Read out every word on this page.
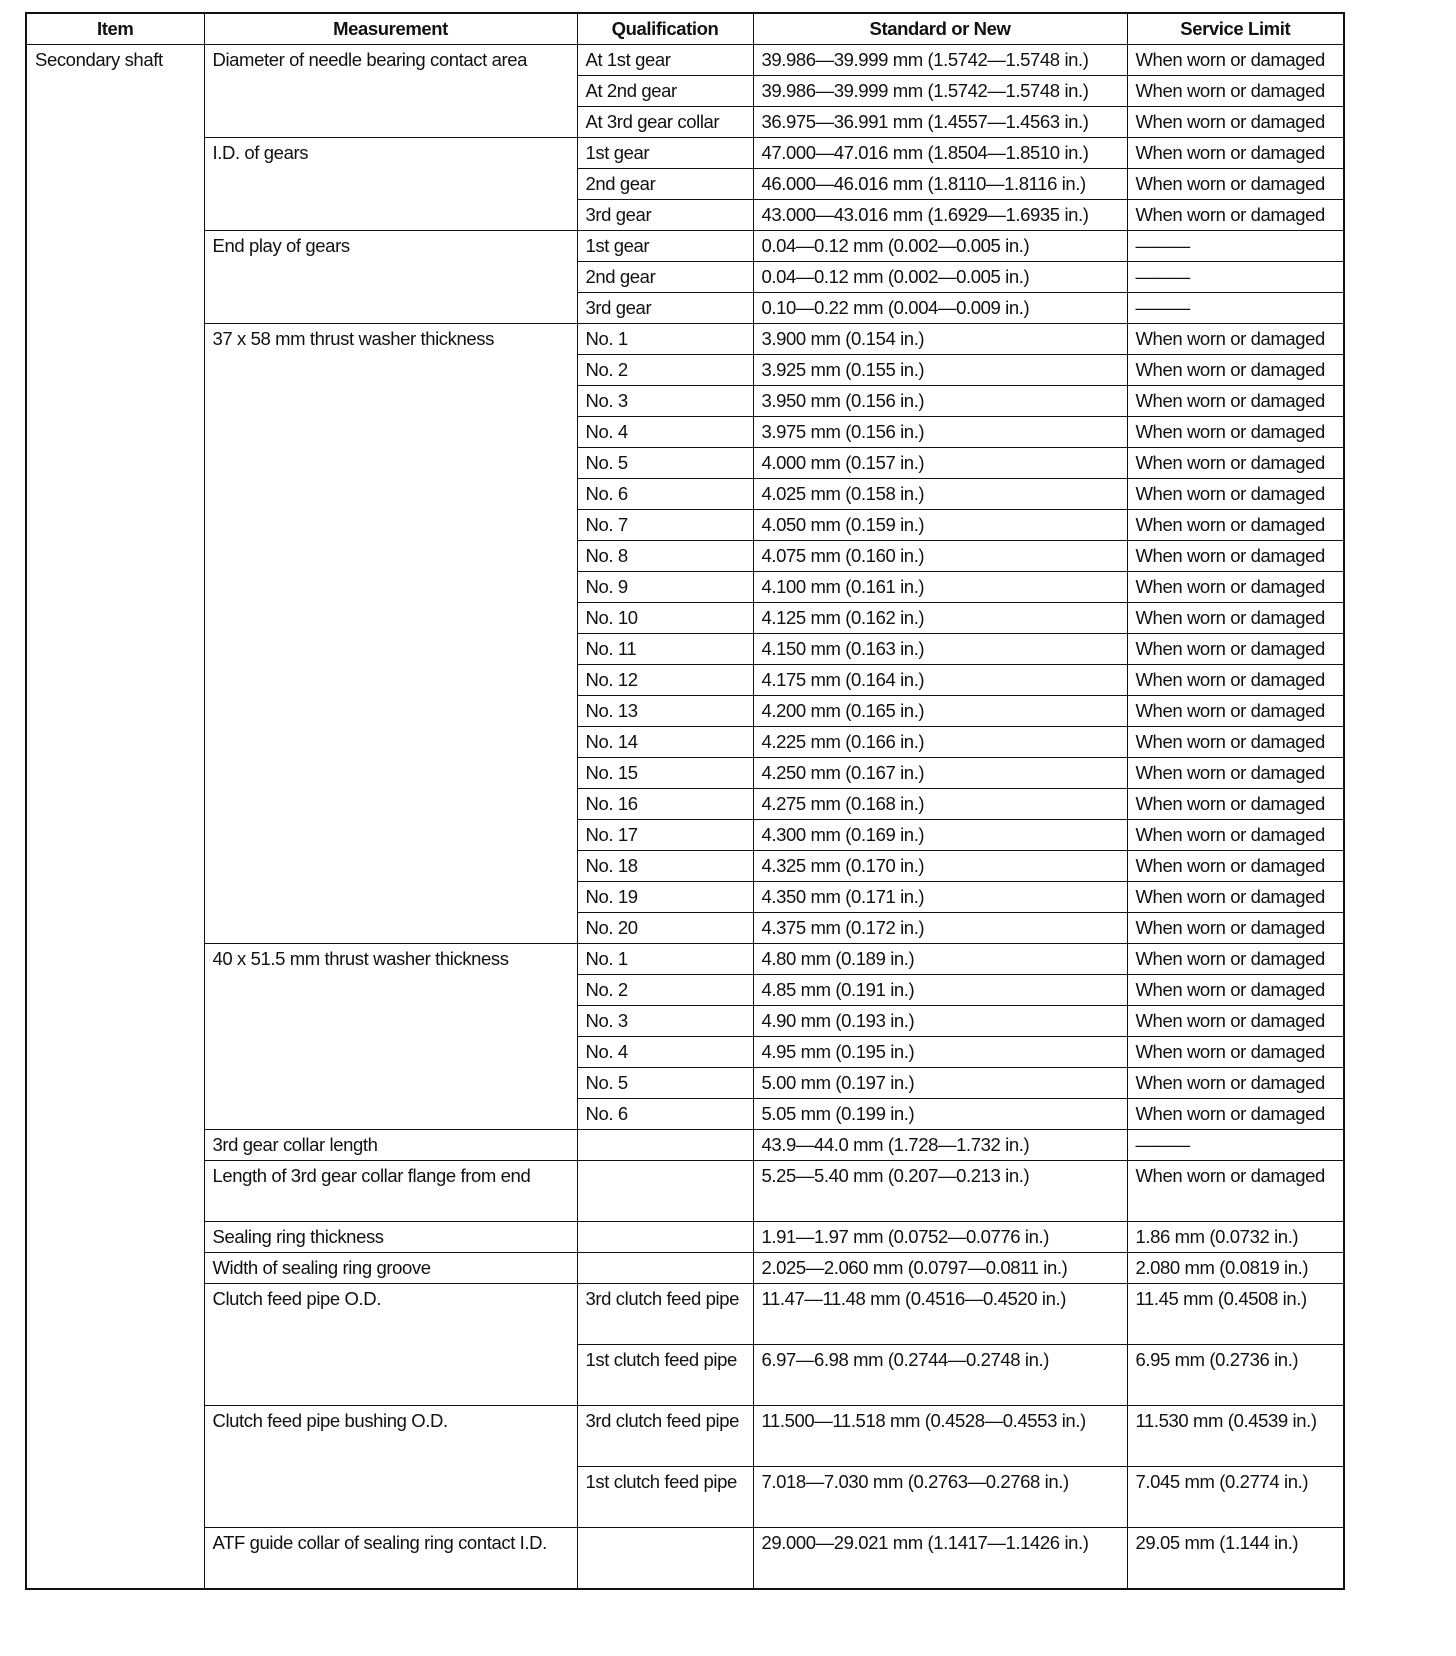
Item	Measurement	Qualification	Standard or New	Service Limit
Secondary shaft	Diameter of needle bearing contact area	At 1st gear	39.986—39.999 mm (1.5742—1.5748 in.)	When worn or damaged
		At 2nd gear	39.986—39.999 mm (1.5742—1.5748 in.)	When worn or damaged
		At 3rd gear collar	36.975—36.991 mm (1.4557—1.4563 in.)	When worn or damaged
	I.D. of gears	1st gear	47.000—47.016 mm (1.8504—1.8510 in.)	When worn or damaged
		2nd gear	46.000—46.016 mm (1.8110—1.8116 in.)	When worn or damaged
		3rd gear	43.000—43.016 mm (1.6929—1.6935 in.)	When worn or damaged
	End play of gears	1st gear	0.04—0.12 mm (0.002—0.005 in.)	———
		2nd gear	0.04—0.12 mm (0.002—0.005 in.)	———
		3rd gear	0.10—0.22 mm (0.004—0.009 in.)	———
	37 x 58 mm thrust washer thickness	No. 1	3.900 mm (0.154 in.)	When worn or damaged
		No. 2	3.925 mm (0.155 in.)	When worn or damaged
		No. 3	3.950 mm (0.156 in.)	When worn or damaged
		No. 4	3.975 mm (0.156 in.)	When worn or damaged
		No. 5	4.000 mm (0.157 in.)	When worn or damaged
		No. 6	4.025 mm (0.158 in.)	When worn or damaged
		No. 7	4.050 mm (0.159 in.)	When worn or damaged
		No. 8	4.075 mm (0.160 in.)	When worn or damaged
		No. 9	4.100 mm (0.161 in.)	When worn or damaged
		No. 10	4.125 mm (0.162 in.)	When worn or damaged
		No. 11	4.150 mm (0.163 in.)	When worn or damaged
		No. 12	4.175 mm (0.164 in.)	When worn or damaged
		No. 13	4.200 mm (0.165 in.)	When worn or damaged
		No. 14	4.225 mm (0.166 in.)	When worn or damaged
		No. 15	4.250 mm (0.167 in.)	When worn or damaged
		No. 16	4.275 mm (0.168 in.)	When worn or damaged
		No. 17	4.300 mm (0.169 in.)	When worn or damaged
		No. 18	4.325 mm (0.170 in.)	When worn or damaged
		No. 19	4.350 mm (0.171 in.)	When worn or damaged
		No. 20	4.375 mm (0.172 in.)	When worn or damaged
	40 x 51.5 mm thrust washer thickness	No. 1	4.80 mm (0.189 in.)	When worn or damaged
		No. 2	4.85 mm (0.191 in.)	When worn or damaged
		No. 3	4.90 mm (0.193 in.)	When worn or damaged
		No. 4	4.95 mm (0.195 in.)	When worn or damaged
		No. 5	5.00 mm (0.197 in.)	When worn or damaged
		No. 6	5.05 mm (0.199 in.)	When worn or damaged
	3rd gear collar length		43.9—44.0 mm (1.728—1.732 in.)	———
	Length of 3rd gear collar flange from end		5.25—5.40 mm (0.207—0.213 in.)	When worn or damaged
	Sealing ring thickness		1.91—1.97 mm (0.0752—0.0776 in.)	1.86 mm (0.0732 in.)
	Width of sealing ring groove		2.025—2.060 mm (0.0797—0.0811 in.)	2.080 mm (0.0819 in.)
	Clutch feed pipe O.D.	3rd clutch feed pipe	11.47—11.48 mm (0.4516—0.4520 in.)	11.45 mm (0.4508 in.)
		1st clutch feed pipe	6.97—6.98 mm (0.2744—0.2748 in.)	6.95 mm (0.2736 in.)
	Clutch feed pipe bushing O.D.	3rd clutch feed pipe	11.500—11.518 mm (0.4528—0.4553 in.)	11.530 mm (0.4539 in.)
		1st clutch feed pipe	7.018—7.030 mm (0.2763—0.2768 in.)	7.045 mm (0.2774 in.)
	ATF guide collar of sealing ring contact I.D.		29.000—29.021 mm (1.1417—1.1426 in.)	29.05 mm (1.144 in.)
